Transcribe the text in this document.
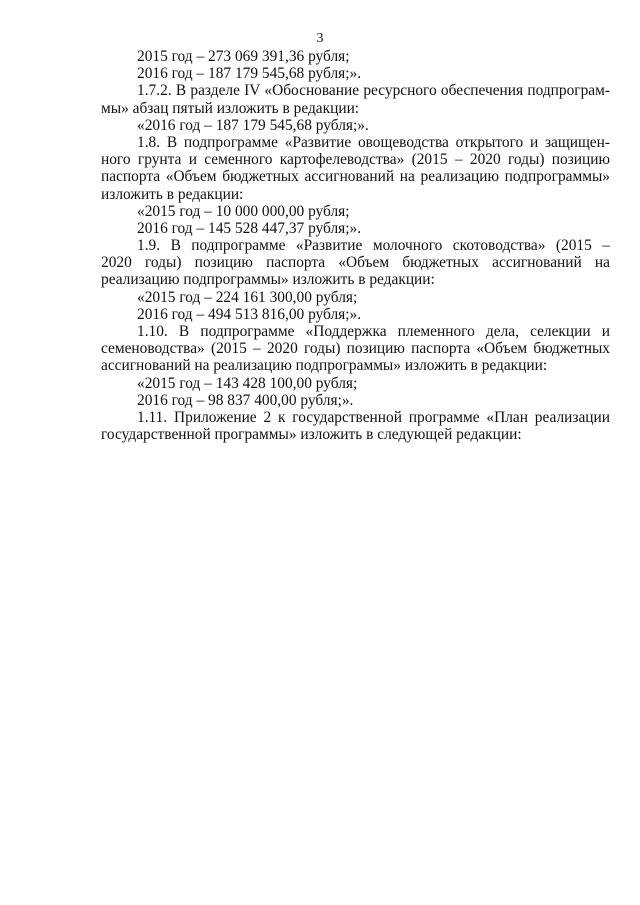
3
2015 год – 273 069 391,36 рубля;
2016 год – 187 179 545,68 рубля;».
1.7.2. В разделе IV «Обоснование ресурсного обеспечения подпрограм-
мы» абзац пятый изложить в редакции:
«2016 год – 187 179 545,68 рубля;».
1.8. В подпрограмме «Развитие овощеводства открытого и защищен-
ного грунта и семенного картофелеводства» (2015 – 2020 годы) позицию
паспорта «Объем бюджетных ассигнований на реализацию подпрограммы»
изложить в редакции:
«2015 год – 10 000 000,00 рубля;
2016 год – 145 528 447,37 рубля;».
1.9. В подпрограмме «Развитие молочного скотоводства» (2015 –
2020 годы) позицию паспорта «Объем бюджетных ассигнований на
реализацию подпрограммы» изложить в редакции:
«2015 год – 224 161 300,00 рубля;
2016 год – 494 513 816,00 рубля;».
1.10. В подпрограмме «Поддержка племенного дела, селекции и
семеноводства» (2015 – 2020 годы) позицию паспорта «Объем бюджетных
ассигнований на реализацию подпрограммы» изложить в редакции:
«2015 год – 143 428 100,00 рубля;
2016 год – 98 837 400,00 рубля;».
1.11. Приложение 2 к государственной программе «План реализации
государственной программы» изложить в следующей редакции:
